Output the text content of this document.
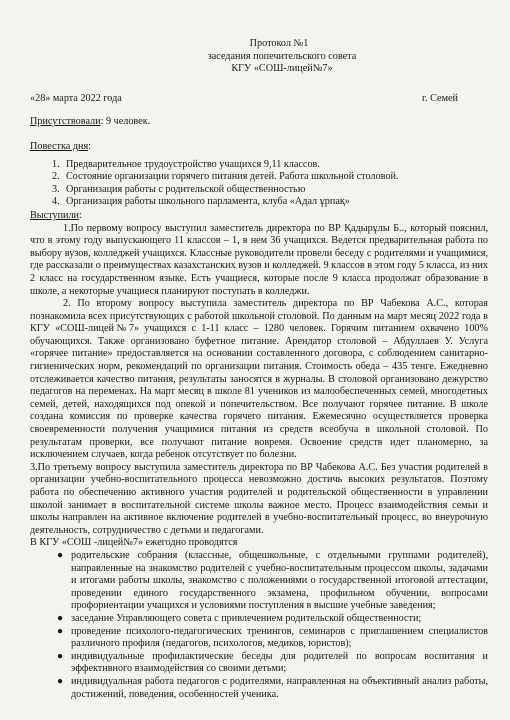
Протокол №1
заседания попечительского совета
КГУ «СОШ-лицей№7»
«28» марта 2022 года	г. Семей
Присутствовали: 9 человек.
Повестка дня:
1. Предварительное трудоустройство учащихся 9,11 классов.
2. Состояние организации горячего питания детей. Работа школьной столовой.
3. Организация работы с родительской общественностью
4. Организация работы школьного парламента, клуба «Адал ұрпақ»
Выступили:

1.По первому вопросу выступил заместитель директора по ВР Қадырұлы Б.., который пояснил, что в этому году выпускающего 11 классов – 1, в нем 36 учащихся. Ведется предварительная работа по выбору вузов, колледжей учащихся. Классные руководители провели беседу с родителями и учащимися, где рассказали о преимуществах казахстанских вузов и колледжей. 9 классов в этом году 5 класса, из них 2 класс на государственном языке. Есть учащиеся, которые после 9 класса продолжат образование в школе, а некоторые учащиеся планируют поступать в колледжи.

2. По второму вопросу выступила заместитель директора по ВР Чабекова А.С., которая познакомила всех присутствующих с работой школьной столовой. По данным на март месяц 2022 года в КГУ «СОШ-лицей№7» учащихся с 1-11 класс – 1280 человек. Горячим питанием охвачено 100% обучающихся. Также организовано буфетное питание. Арендатор столовой – Абдуллаев У. Услуга «горячее питание» предоставляется на основании составленного договора, с соблюдением санитарно-гигиенических норм, рекомендаций по организации питания. Стоимость обеда – 435 тенге. Ежедневно отслеживается качество питания, результаты заносятся в журналы. В столовой организовано дежурство педагогов на переменах. На март месяц в школе 81 учеников из малообеспеченных семей, многодетных семей, детей, находящихся под опекой и попечительством. Все получают горячее питание. В школе создана комиссия по проверке качества горячего питания. Ежемесячно осуществляется проверка своевременности получения учащимися питания из средств всеобуча в школьной столовой. По результатам проверки, все получают питание вовремя. Освоение средств идет планомерно, за исключением случаев, когда ребенок отсутствует по болезни.

3.По третьему вопросу выступила заместитель директора по ВР Чабекова А.С. Без участия родителей в организации учебно-воспитательного процесса невозможно достичь высоких результатов. Поэтому работа по обеспечению активного участия родителей и родительской общественности в управлении школой занимает в воспитательной системе школы важное место. Процесс взаимодействия семьи и школы направлен на активное включение родителей в учебно-воспитательный процесс, во внеурочную деятельность, сотрудничество с детьми и педагогами.

В КГУ «СОШ -лицей№7» ежегодно проводятся

● родительские собрания (классные, общешкольные, с отдельными группами родителей), направленные на знакомство родителей с учебно-воспитательным процессом школы, задачами и итогами работы школы, знакомство с положениями о государственной итоговой аттестации, проведении единого государственного экзамена, профильном обучении, вопросами профориентации учащихся и условиями поступления в высшие учебные заведения;
● заседание Управляющего совета с привлечением родительской общественности;
● проведение психолого-педагогических тренингов, семинаров с приглашением специалистов различного профиля (педагогов, психологов, медиков, юристов);
● индивидуальные профилактические беседы для родителей по вопросам воспитания и эффективного взаимодействия со своими детьми;
● индивидуальная работа педагогов с родителями, направленная на объективный анализ работы, достижений, поведения, особенностей ученика.
